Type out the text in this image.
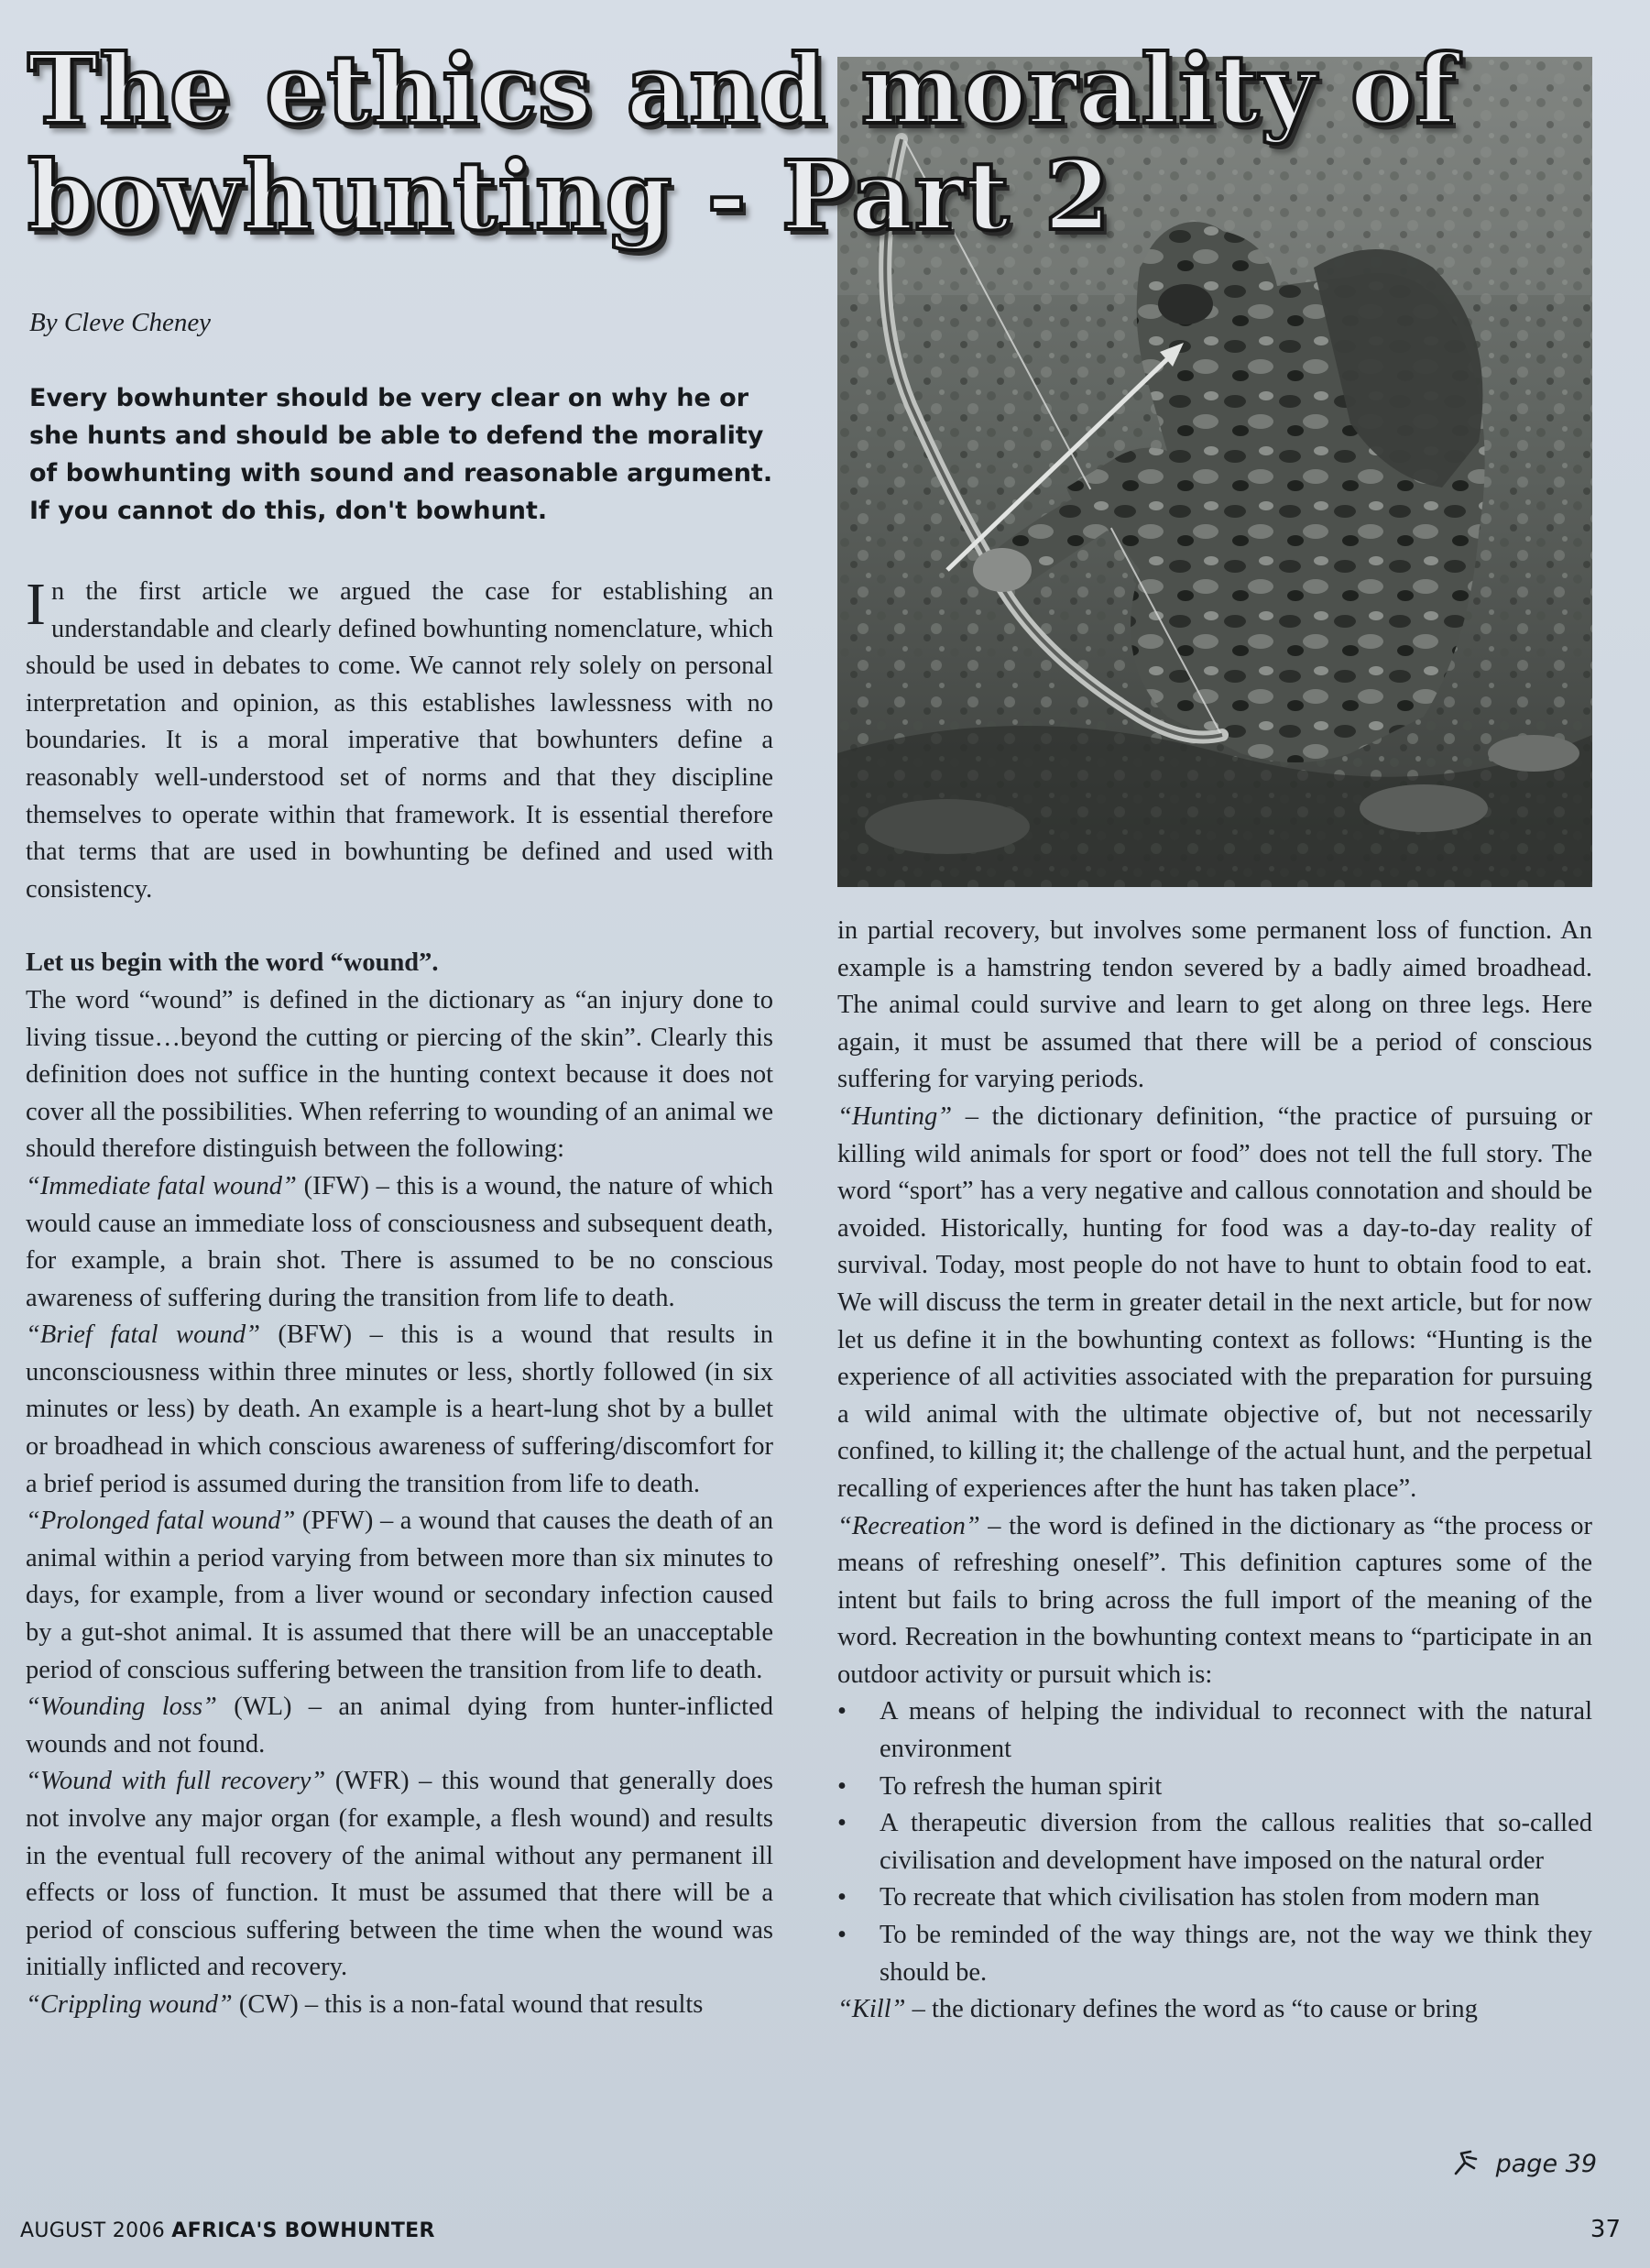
The ethics and morality of
bowhunting - Part 2
By Cleve Cheney
Every bowhunter should be very clear on why he or she hunts and should be able to defend the morality of bowhunting with sound and reasonable argument. If you cannot do this, don't bowhunt.

In the first article we argued the case for establishing an understandable and clearly defined bowhunting nomenclature, which should be used in debates to come. We cannot rely solely on personal interpretation and opinion, as this establishes lawlessness with no boundaries. It is a moral imperative that bowhunters define a reasonably well-understood set of norms and that they discipline themselves to operate within that framework. It is essential therefore that terms that are used in bowhunting be defined and used with consistency.

Let us begin with the word “wound”.

The word “wound” is defined in the dictionary as “an injury done to living tissue…beyond the cutting or piercing of the skin”. Clearly this definition does not suffice in the hunting context because it does not cover all the possibilities. When referring to wounding of an animal we should therefore distinguish between the following:

“Immediate fatal wound” (IFW) – this is a wound, the nature of which would cause an immediate loss of consciousness and subsequent death, for example, a brain shot. There is assumed to be no conscious awareness of suffering during the transition from life to death.

“Brief fatal wound” (BFW) – this is a wound that results in unconsciousness within three minutes or less, shortly followed (in six minutes or less) by death. An example is a heart-lung shot by a bullet or broadhead in which conscious awareness of suffering/discomfort for a brief period is assumed during the transition from life to death.

“Prolonged fatal wound” (PFW) – a wound that causes the death of an animal within a period varying from between more than six minutes to days, for example, from a liver wound or secondary infection caused by a gut-shot animal. It is assumed that there will be an unacceptable period of conscious suffering between the transition from life to death.

“Wounding loss” (WL) – an animal dying from hunter-inflicted wounds and not found.

“Wound with full recovery” (WFR) – this wound that generally does not involve any major organ (for example, a flesh wound) and results in the eventual full recovery of the animal without any permanent ill effects or loss of function. It must be assumed that there will be a period of conscious suffering between the time when the wound was initially inflicted and recovery.

“Crippling wound” (CW) – this is a non-fatal wound that results

in partial recovery, but involves some permanent loss of function. An example is a hamstring tendon severed by a badly aimed broadhead. The animal could survive and learn to get along on three legs. Here again, it must be assumed that there will be a period of conscious suffering for varying periods.

“Hunting” – the dictionary definition, “the practice of pursuing or killing wild animals for sport or food” does not tell the full story. The word “sport” has a very negative and callous connotation and should be avoided. Historically, hunting for food was a day-to-day reality of survival. Today, most people do not have to hunt to obtain food to eat. We will discuss the term in greater detail in the next article, but for now let us define it in the bowhunting context as follows: “Hunting is the experience of all activities associated with the preparation for pursuing a wild animal with the ultimate objective of, but not necessarily confined, to killing it; the challenge of the actual hunt, and the perpetual recalling of experiences after the hunt has taken place”.

“Recreation” – the word is defined in the dictionary as “the process or means of refreshing oneself”. This definition captures some of the intent but fails to bring across the full import of the meaning of the word. Recreation in the bowhunting context means to “participate in an outdoor activity or pursuit which is:

• A means of helping the individual to reconnect with the natural environment
• To refresh the human spirit
• A therapeutic diversion from the callous realities that so-called civilisation and development have imposed on the natural order
• To recreate that which civilisation has stolen from modern man
• To be reminded of the way things are, not the way we think they should be.

“Kill” – the dictionary defines the word as “to cause or bring

page 39
AUGUST 2006 AFRICA'S BOWHUNTER	37
